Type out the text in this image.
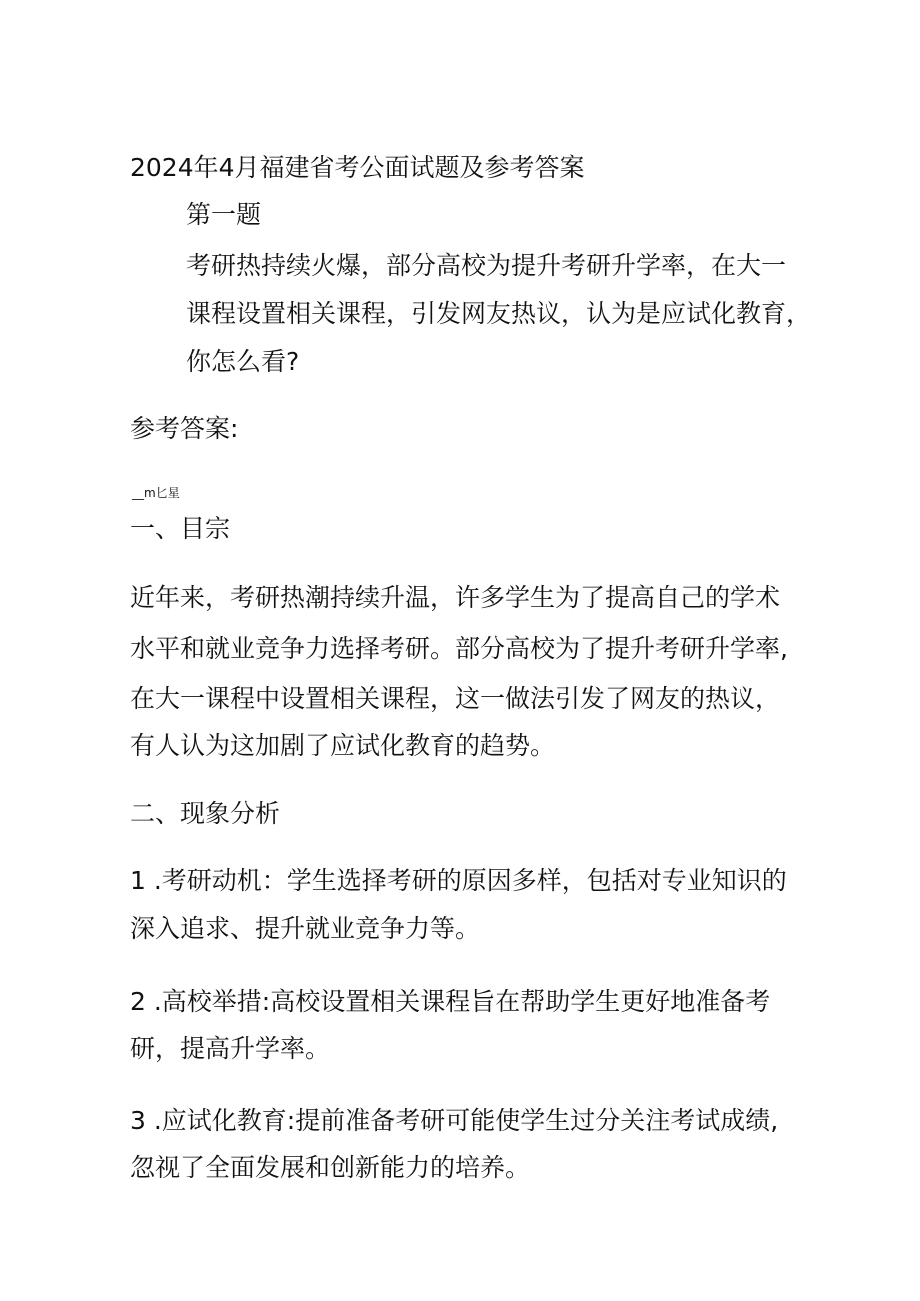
2024年4月福建省考公面试题及参考答案

第一题

考研热持续火爆，部分高校为提升考研升学率，在大一

课程设置相关课程，引发网友热议，认为是应试化教育，

你怎么看?

参考答案:

__m匕星

一、目宗

近年来，考研热潮持续升温，许多学生为了提高自己的学术

水平和就业竞争力选择考研。部分高校为了提升考研升学率,

在大一课程中设置相关课程，这一做法引发了网友的热议，

有人认为这加剧了应试化教育的趋势。

二、现象分析

1 .考研动机：学生选择考研的原因多样，包括对专业知识的

深入追求、提升就业竞争力等。

2 .高校举措:高校设置相关课程旨在帮助学生更好地准备考

研，提高升学率。

3 .应试化教育:提前准备考研可能使学生过分关注考试成绩,

忽视了全面发展和创新能力的培养。
